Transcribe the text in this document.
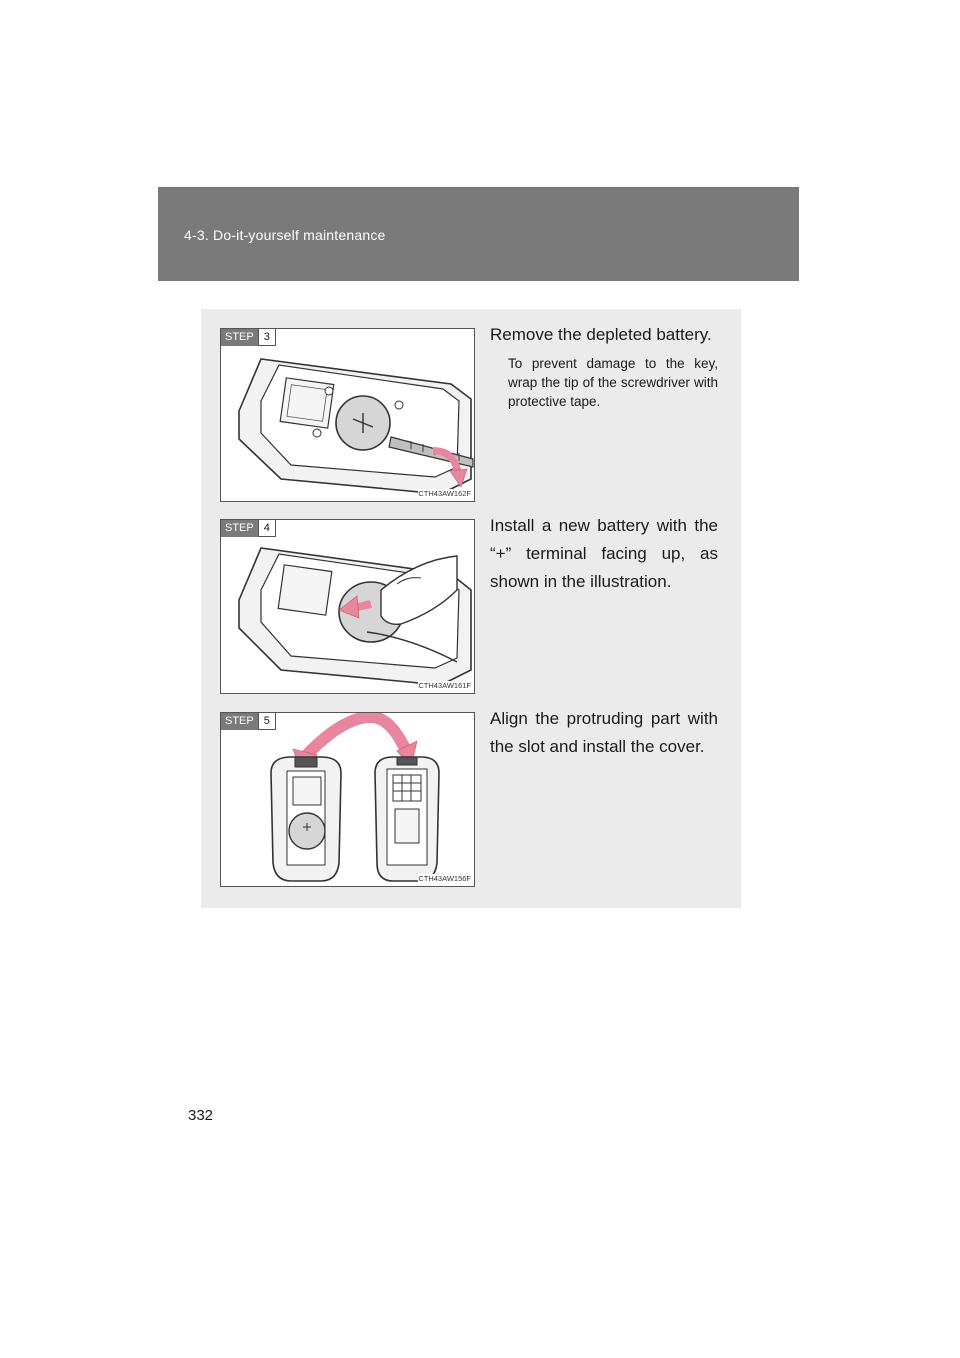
4-3. Do-it-yourself maintenance
STEP 3
CTH43AW162F
Remove the depleted battery.
To prevent damage to the key, wrap the tip of the screwdriver with protective tape.
STEP 4
CTH43AW161F
Install a new battery with the “+” terminal facing up, as shown in the illustration.
STEP 5
CTH43AW156F
Align the protruding part with the slot and install the cover.
332
